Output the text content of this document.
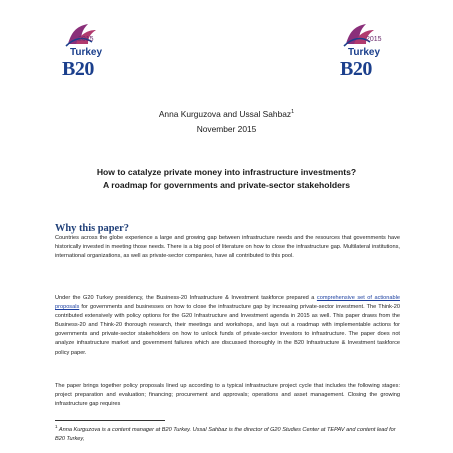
2015
Turkey
B20
2015
Turkey
B20
Anna Kurguzova and Ussal Sahbaz$^1$
November 2015
How to catalyze private money into infrastructure investments?
A roadmap for governments and private-sector stakeholders
Why this paper?
Countries across the globe experience a large and growing gap between infrastructure needs and the resources that governments have historically invested in meeting those needs. There is a big pool of literature on how to close the infrastructure gap. Multilateral institutions, international organizations, as well as private-sector companies, have all contributed to this pool.
Under the G20 Turkey presidency, the Business-20 Infrastructure & Investment taskforce prepared a comprehensive set of actionable proposals for governments and businesses on how to close the infrastructure gap by increasing private-sector investment. The Think-20 contributed extensively with policy options for the G20 Infrastructure and Investment agenda in 2015 as well. This paper draws from the Business-20 and Think-20 thorough research, their meetings and workshops, and lays out a roadmap with implementable actions for governments and private-sector stakeholders on how to unlock funds of private-sector investors to infrastructure. The paper does not analyze infrastructure market and government failures which are discussed thoroughly in the B20 Infrastructure & Investment taskforce policy paper.
The paper brings together policy proposals lined up according to a typical infrastructure project cycle that includes the following stages: project preparation and evaluation; financing; procurement and approvals; operations and asset management. Closing the growing infrastructure gap requires
$^1$ Anna Kurguzova is a content manager at B20 Turkey. Ussal Sahbaz is the director of G20 Studies Center at TEPAV and content lead for B20 Turkey,
